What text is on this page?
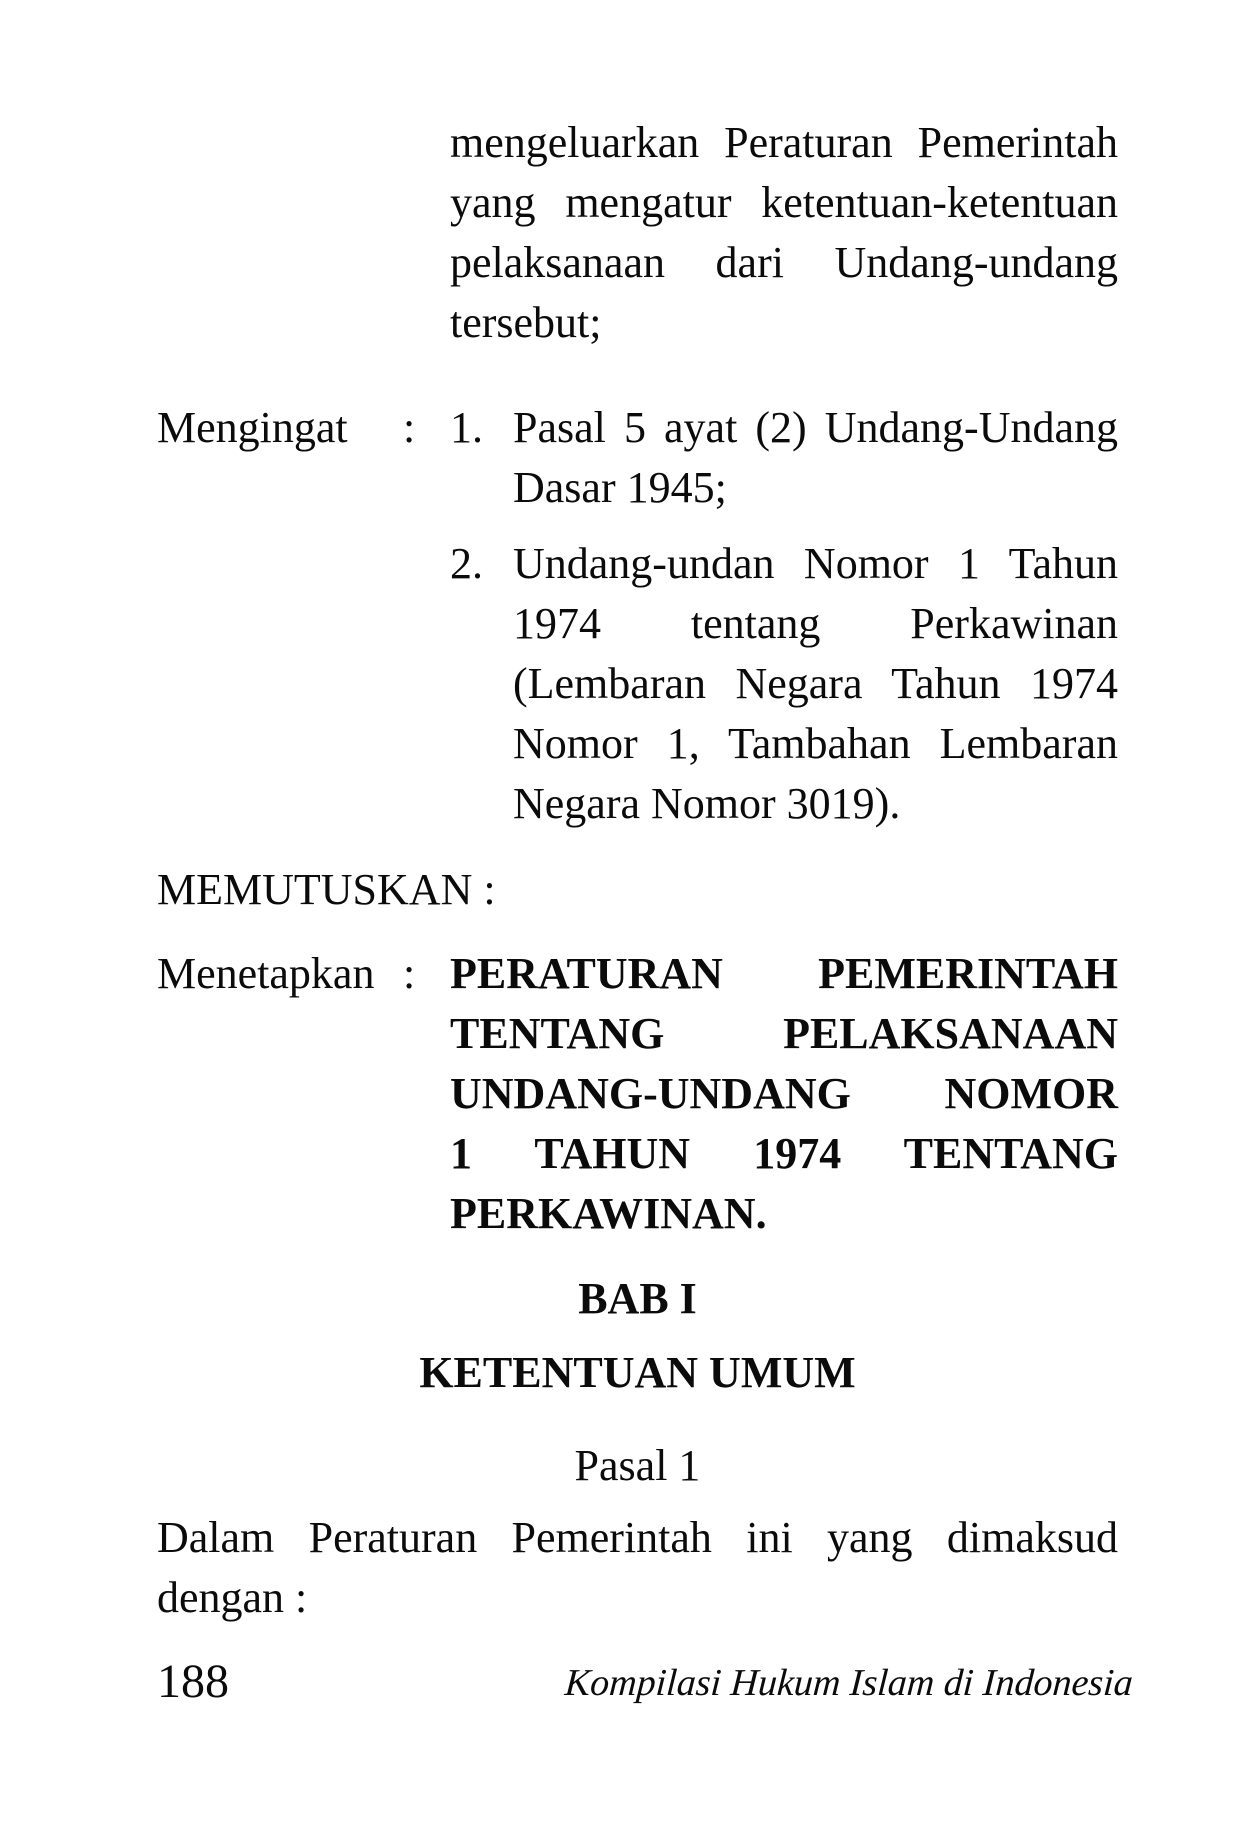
mengeluarkan Peraturan Pemerintah
yang mengatur ketentuan-ketentuan
pelaksanaan dari Undang-undang
tersebut;
Mengingat	: 1. Pasal 5 ayat (2) Undang-Undang
Dasar 1945;
2. Undang-undan Nomor 1 Tahun
1974 tentang Perkawinan
(Lembaran Negara Tahun 1974
Nomor 1, Tambahan Lembaran
Negara Nomor 3019).
MEMUTUSKAN :
Menetapkan : PERATURAN PEMERINTAH
TENTANG PELAKSANAAN
UNDANG-UNDANG NOMOR
1 TAHUN 1974 TENTANG
PERKAWINAN.
BAB I
KETENTUAN UMUM
Pasal 1
Dalam Peraturan Pemerintah ini yang dimaksud
dengan :
188	Kompilasi Hukum Islam di Indonesia
